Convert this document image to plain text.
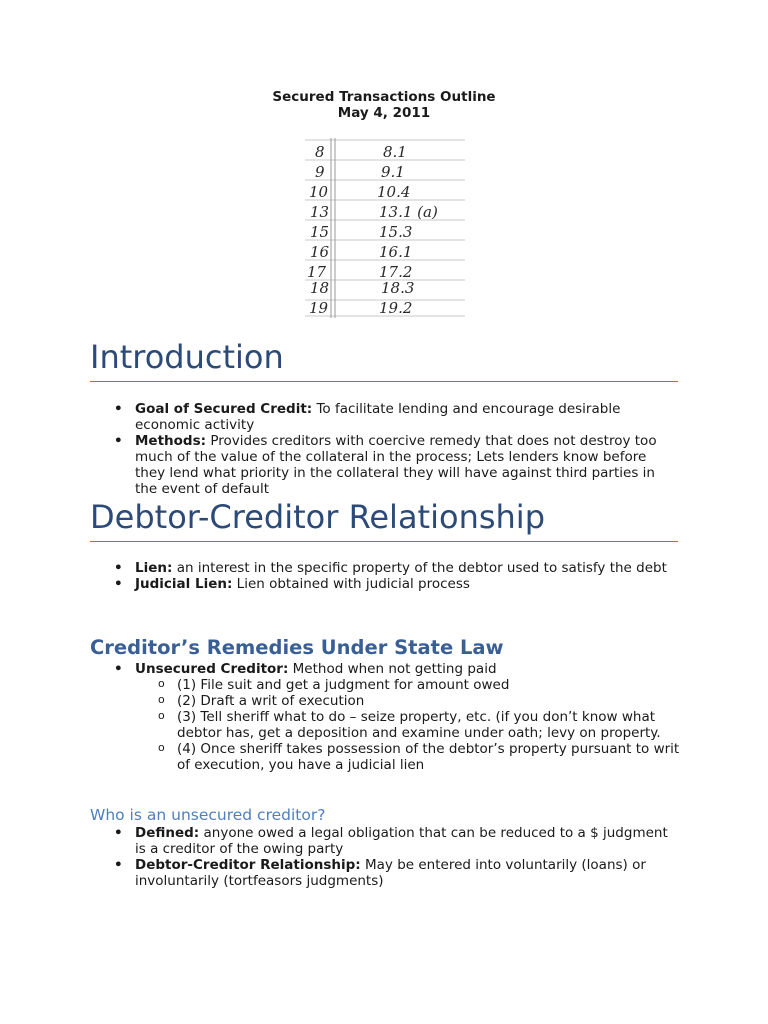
Secured Transactions Outline
May 4, 2011
8	8.1
9	9.1
10	10.4
13	13.1 (a)
15	15.3
16	16.1
17	17.2
18	18.3
19	19.2
Introduction
• Goal of Secured Credit: To facilitate lending and encourage desirable economic activity
• Methods: Provides creditors with coercive remedy that does not destroy too much of the value of the collateral in the process; Lets lenders know before they lend what priority in the collateral they will have against third parties in the event of default
Debtor-Creditor Relationship
• Lien: an interest in the specific property of the debtor used to satisfy the debt
• Judicial Lien: Lien obtained with judicial process
Creditor’s Remedies Under State Law
• Unsecured Creditor: Method when not getting paid
o (1) File suit and get a judgment for amount owed
o (2) Draft a writ of execution
o (3) Tell sheriff what to do – seize property, etc. (if you don’t know what debtor has, get a deposition and examine under oath; levy on property.
o (4) Once sheriff takes possession of the debtor’s property pursuant to writ of execution, you have a judicial lien
Who is an unsecured creditor?
• Defined: anyone owed a legal obligation that can be reduced to a $ judgment is a creditor of the owing party
• Debtor-Creditor Relationship: May be entered into voluntarily (loans) or involuntarily (tortfeasors judgments)
